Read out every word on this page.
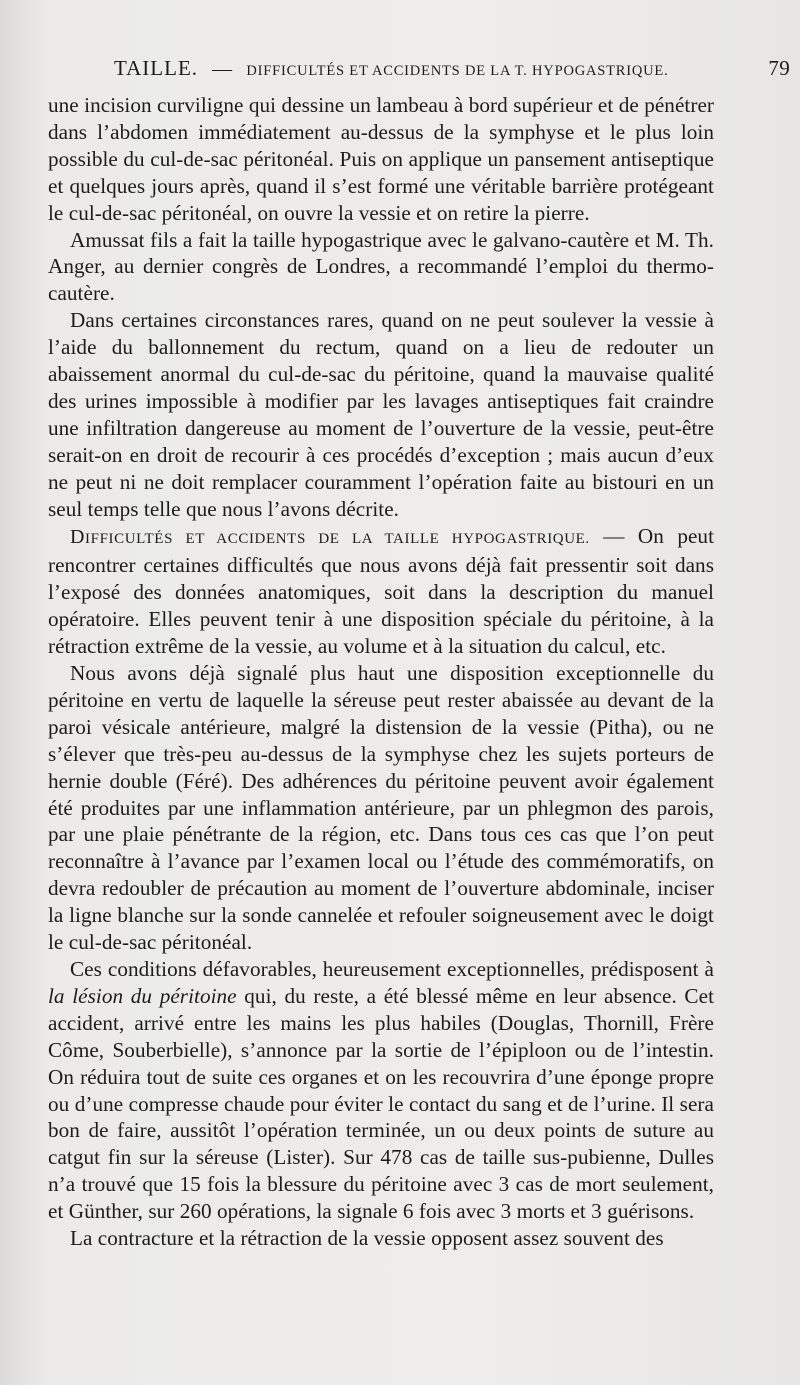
TAILLE. — DIFFICULTÉS ET ACCIDENTS DE LA T. HYPOGASTRIQUE.	79

une incision curviligne qui dessine un lambeau à bord supérieur et de pénétrer dans l’abdomen immédiatement au-dessus de la symphyse et le plus loin possible du cul-de-sac péritonéal. Puis on applique un pansement antiseptique et quelques jours après, quand il s’est formé une véritable barrière protégeant le cul-de-sac péritonéal, on ouvre la vessie et on retire la pierre.

Amussat fils a fait la taille hypogastrique avec le galvano-cautère et M. Th. Anger, au dernier congrès de Londres, a recommandé l’emploi du thermo-cautère.

Dans certaines circonstances rares, quand on ne peut soulever la vessie à l’aide du ballonnement du rectum, quand on a lieu de redouter un abaissement anormal du cul-de-sac du péritoine, quand la mauvaise qualité des urines impossible à modifier par les lavages antiseptiques fait craindre une infiltration dangereuse au moment de l’ouverture de la vessie, peut-être serait-on en droit de recourir à ces procédés d’exception ; mais aucun d’eux ne peut ni ne doit remplacer couramment l’opération faite au bistouri en un seul temps telle que nous l’avons décrite.

DIFFICULTÉS ET ACCIDENTS DE LA TAILLE HYPOGASTRIQUE. — On peut rencontrer certaines difficultés que nous avons déjà fait pressentir soit dans l’exposé des données anatomiques, soit dans la description du manuel opératoire. Elles peuvent tenir à une disposition spéciale du péritoine, à la rétraction extrême de la vessie, au volume et à la situation du calcul, etc.

Nous avons déjà signalé plus haut une disposition exceptionnelle du péritoine en vertu de laquelle la séreuse peut rester abaissée au devant de la paroi vésicale antérieure, malgré la distension de la vessie (Pitha), ou ne s’élever que très-peu au-dessus de la symphyse chez les sujets porteurs de hernie double (Féré). Des adhérences du péritoine peuvent avoir également été produites par une inflammation antérieure, par un phlegmon des parois, par une plaie pénétrante de la région, etc. Dans tous ces cas que l’on peut reconnaître à l’avance par l’examen local ou l’étude des commémoratifs, on devra redoubler de précaution au moment de l’ouverture abdominale, inciser la ligne blanche sur la sonde cannelée et refouler soigneusement avec le doigt le cul-de-sac péritonéal.

Ces conditions défavorables, heureusement exceptionnelles, prédisposent à la lésion du péritoine qui, du reste, a été blessé même en leur absence. Cet accident, arrivé entre les mains les plus habiles (Douglas, Thornill, Frère Côme, Souberbielle), s’annonce par la sortie de l’épiploon ou de l’intestin. On réduira tout de suite ces organes et on les recouvrira d’une éponge propre ou d’une compresse chaude pour éviter le contact du sang et de l’urine. Il sera bon de faire, aussitôt l’opération terminée, un ou deux points de suture au catgut fin sur la séreuse (Lister). Sur 478 cas de taille sus-pubienne, Dulles n’a trouvé que 15 fois la blessure du péritoine avec 3 cas de mort seulement, et Günther, sur 260 opérations, la signale 6 fois avec 3 morts et 3 guérisons.

La contracture et la rétraction de la vessie opposent assez souvent des
